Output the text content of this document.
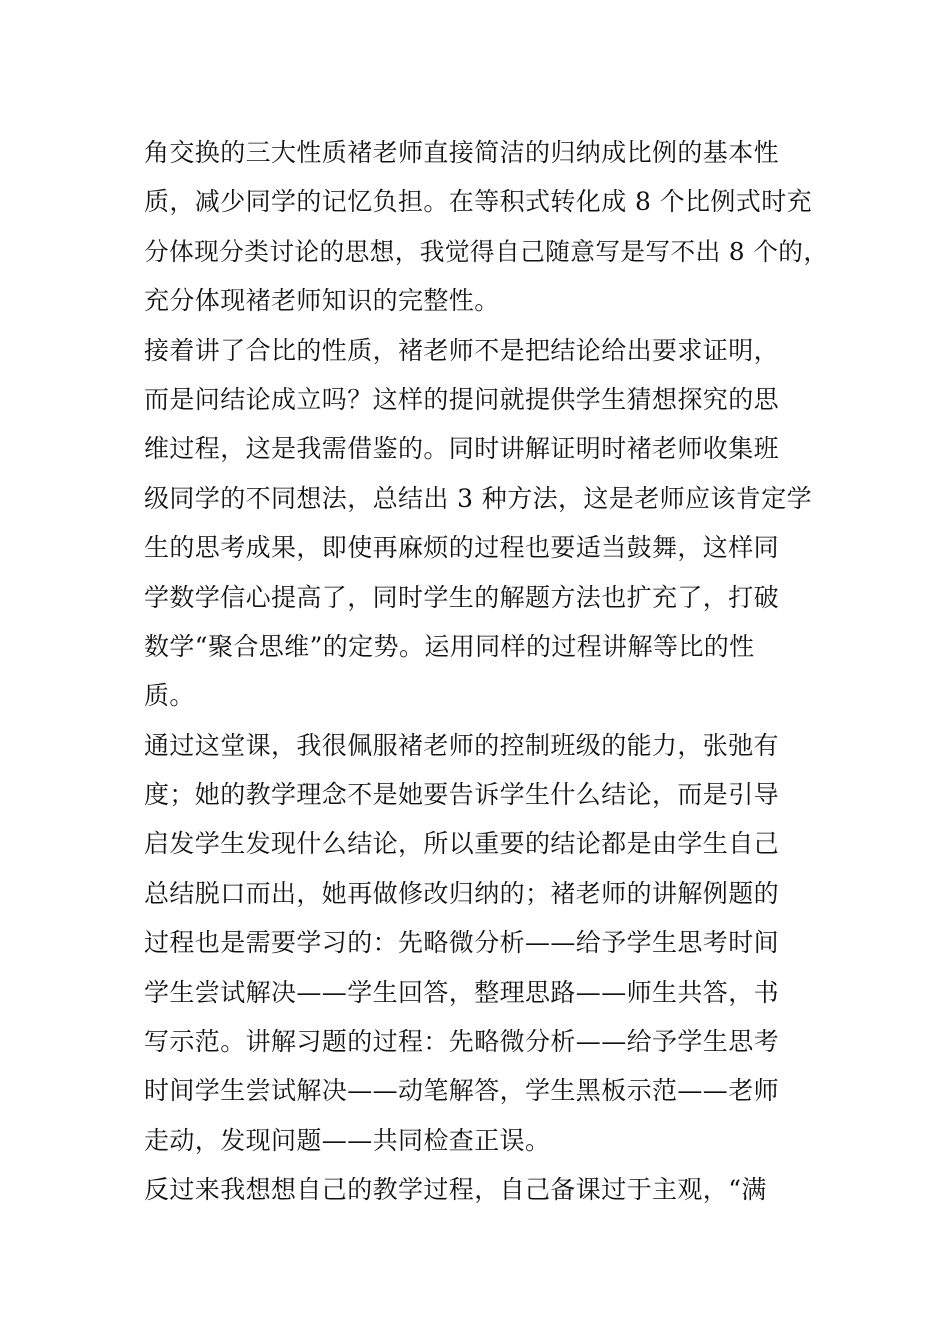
角交换的三大性质褚老师直接简洁的归纳成比例的基本性
质，减少同学的记忆负担。在等积式转化成 8 个比例式时充
分体现分类讨论的思想，我觉得自己随意写是写不出 8 个的，
充分体现褚老师知识的完整性。
接着讲了合比的性质，褚老师不是把结论给出要求证明，
而是问结论成立吗？这样的提问就提供学生猜想探究的思
维过程，这是我需借鉴的。同时讲解证明时褚老师收集班
级同学的不同想法，总结出 3 种方法，这是老师应该肯定学
生的思考成果，即使再麻烦的过程也要适当鼓舞，这样同
学数学信心提高了，同时学生的解题方法也扩充了，打破
数学“聚合思维”的定势。运用同样的过程讲解等比的性
质。
通过这堂课，我很佩服褚老师的控制班级的能力，张弛有
度；她的教学理念不是她要告诉学生什么结论，而是引导
启发学生发现什么结论，所以重要的结论都是由学生自己
总结脱口而出，她再做修改归纳的；褚老师的讲解例题的
过程也是需要学习的：先略微分析——给予学生思考时间
学生尝试解决——学生回答，整理思路——师生共答，书
写示范。讲解习题的过程：先略微分析——给予学生思考
时间学生尝试解决——动笔解答，学生黑板示范——老师
走动，发现问题——共同检查正误。
反过来我想想自己的教学过程，自己备课过于主观，“满
